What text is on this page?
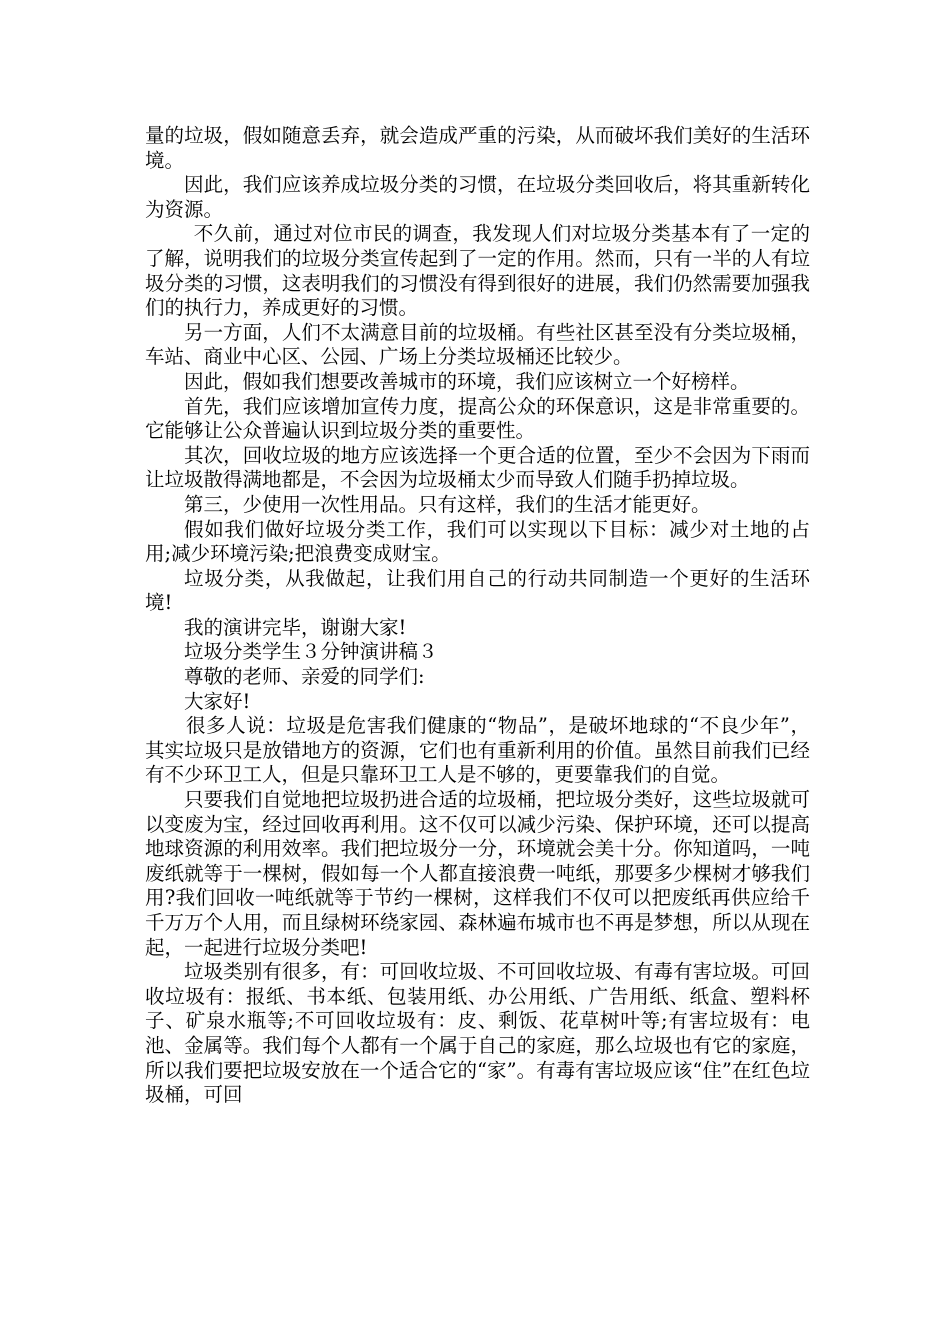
量的垃圾，假如随意丢弃，就会造成严重的污染，从而破坏我们美好的生活环境。

因此，我们应该养成垃圾分类的习惯，在垃圾分类回收后，将其重新转化为资源。

不久前，通过对位市民的调查，我发现人们对垃圾分类基本有了一定的了解，说明我们的垃圾分类宣传起到了一定的作用。然而，只有一半的人有垃圾分类的习惯，这表明我们的习惯没有得到很好的进展，我们仍然需要加强我们的执行力，养成更好的习惯。

另一方面，人们不太满意目前的垃圾桶。有些社区甚至没有分类垃圾桶，车站、商业中心区、公园、广场上分类垃圾桶还比较少。

因此，假如我们想要改善城市的环境，我们应该树立一个好榜样。

首先，我们应该增加宣传力度，提高公众的环保意识，这是非常重要的。它能够让公众普遍认识到垃圾分类的重要性。

其次，回收垃圾的地方应该选择一个更合适的位置，至少不会因为下雨而让垃圾散得满地都是，不会因为垃圾桶太少而导致人们随手扔掉垃圾。

第三，少使用一次性用品。只有这样，我们的生活才能更好。

假如我们做好垃圾分类工作，我们可以实现以下目标：减少对土地的占用;减少环境污染;把浪费变成财宝。

垃圾分类，从我做起，让我们用自己的行动共同制造一个更好的生活环境!

我的演讲完毕，谢谢大家!

垃圾分类学生３分钟演讲稿３

尊敬的老师、亲爱的同学们:

大家好!

很多人说：垃圾是危害我们健康的“物品”，是破坏地球的“不良少年”，其实垃圾只是放错地方的资源，它们也有重新利用的价值。虽然目前我们已经有不少环卫工人，但是只靠环卫工人是不够的，更要靠我们的自觉。

只要我们自觉地把垃圾扔进合适的垃圾桶，把垃圾分类好，这些垃圾就可以变废为宝，经过回收再利用。这不仅可以减少污染、保护环境，还可以提高地球资源的利用效率。我们把垃圾分一分，环境就会美十分。你知道吗，一吨废纸就等于一棵树，假如每一个人都直接浪费一吨纸，那要多少棵树才够我们用?我们回收一吨纸就等于节约一棵树，这样我们不仅可以把废纸再供应给千千万万个人用，而且绿树环绕家园、森林遍布城市也不再是梦想，所以从现在起，一起进行垃圾分类吧!

垃圾类别有很多，有：可回收垃圾、不可回收垃圾、有毒有害垃圾。可回收垃圾有：报纸、书本纸、包装用纸、办公用纸、广告用纸、纸盒、塑料杯子、矿泉水瓶等;不可回收垃圾有：皮、剩饭、花草树叶等;有害垃圾有：电池、金属等。我们每个人都有一个属于自己的家庭，那么垃圾也有它的家庭，所以我们要把垃圾安放在一个适合它的“家”。有毒有害垃圾应该“住”在红色垃圾桶，可回
